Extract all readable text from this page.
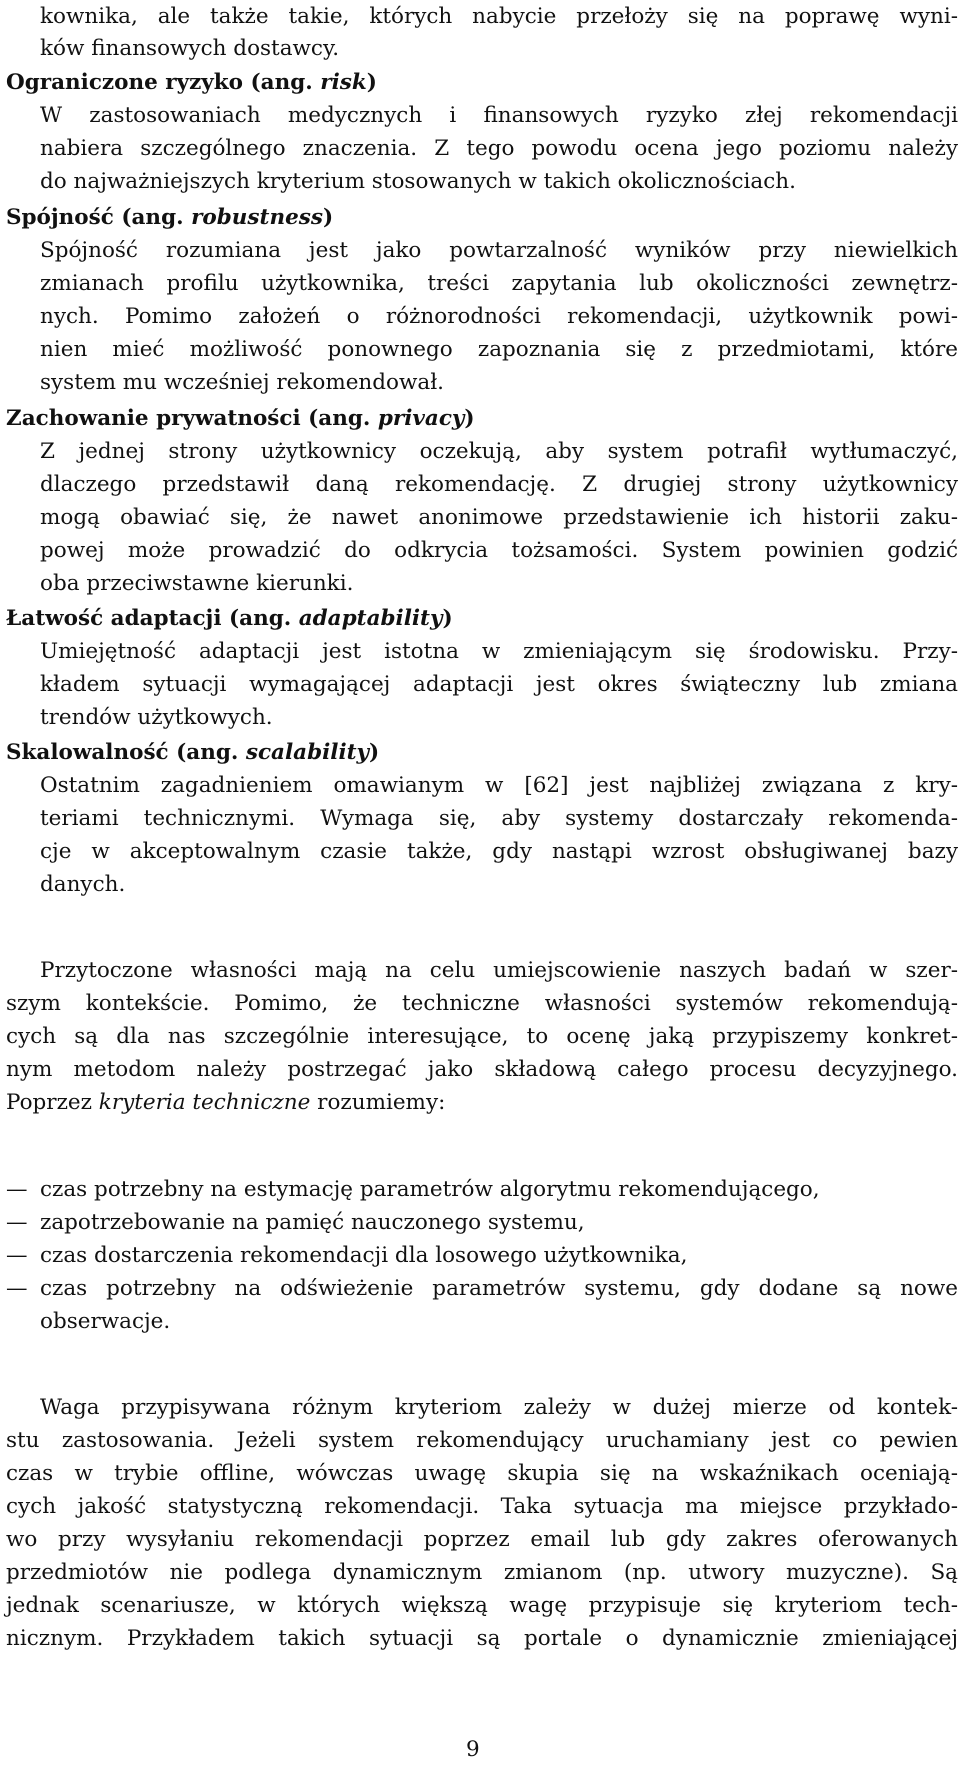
kownika, ale także takie, których nabycie przełoży się na poprawę wyni-
ków finansowych dostawcy.
Ograniczone ryzyko (ang. risk)
W zastosowaniach medycznych i finansowych ryzyko złej rekomendacji
nabiera szczególnego znaczenia. Z tego powodu ocena jego poziomu należy
do najważniejszych kryterium stosowanych w takich okolicznościach.
Spójność (ang. robustness)
Spójność rozumiana jest jako powtarzalność wyników przy niewielkich
zmianach profilu użytkownika, treści zapytania lub okoliczności zewnętrz-
nych. Pomimo założeń o różnorodności rekomendacji, użytkownik powi-
nien mieć możliwość ponownego zapoznania się z przedmiotami, które
system mu wcześniej rekomendował.
Zachowanie prywatności (ang. privacy)
Z jednej strony użytkownicy oczekują, aby system potrafił wytłumaczyć,
dlaczego przedstawił daną rekomendację. Z drugiej strony użytkownicy
mogą obawiać się, że nawet anonimowe przedstawienie ich historii zaku-
powej może prowadzić do odkrycia tożsamości. System powinien godzić
oba przeciwstawne kierunki.
Łatwość adaptacji (ang. adaptability)
Umiejętność adaptacji jest istotna w zmieniającym się środowisku. Przy-
kładem sytuacji wymagającej adaptacji jest okres świąteczny lub zmiana
trendów użytkowych.
Skalowalność (ang. scalability)
Ostatnim zagadnieniem omawianym w [62] jest najbliżej związana z kry-
teriami technicznymi. Wymaga się, aby systemy dostarczały rekomenda-
cje w akceptowalnym czasie także, gdy nastąpi wzrost obsługiwanej bazy
danych.
Przytoczone własności mają na celu umiejscowienie naszych badań w szer-
szym kontekście. Pomimo, że techniczne własności systemów rekomendują-
cych są dla nas szczególnie interesujące, to ocenę jaką przypiszemy konkret-
nym metodom należy postrzegać jako składową całego procesu decyzyjnego.
Poprzez kryteria techniczne rozumiemy:
— czas potrzebny na estymację parametrów algorytmu rekomendującego,
— zapotrzebowanie na pamięć nauczonego systemu,
— czas dostarczenia rekomendacji dla losowego użytkownika,
— czas potrzebny na odświeżenie parametrów systemu, gdy dodane są nowe
obserwacje.
Waga przypisywana różnym kryteriom zależy w dużej mierze od kontek-
stu zastosowania. Jeżeli system rekomendujący uruchamiany jest co pewien
czas w trybie offline, wówczas uwagę skupia się na wskaźnikach oceniają-
cych jakość statystyczną rekomendacji. Taka sytuacja ma miejsce przykłado-
wo przy wysyłaniu rekomendacji poprzez email lub gdy zakres oferowanych
przedmiotów nie podlega dynamicznym zmianom (np. utwory muzyczne). Są
jednak scenariusze, w których większą wagę przypisuje się kryteriom tech-
nicznym. Przykładem takich sytuacji są portale o dynamicznie zmieniającej
9
